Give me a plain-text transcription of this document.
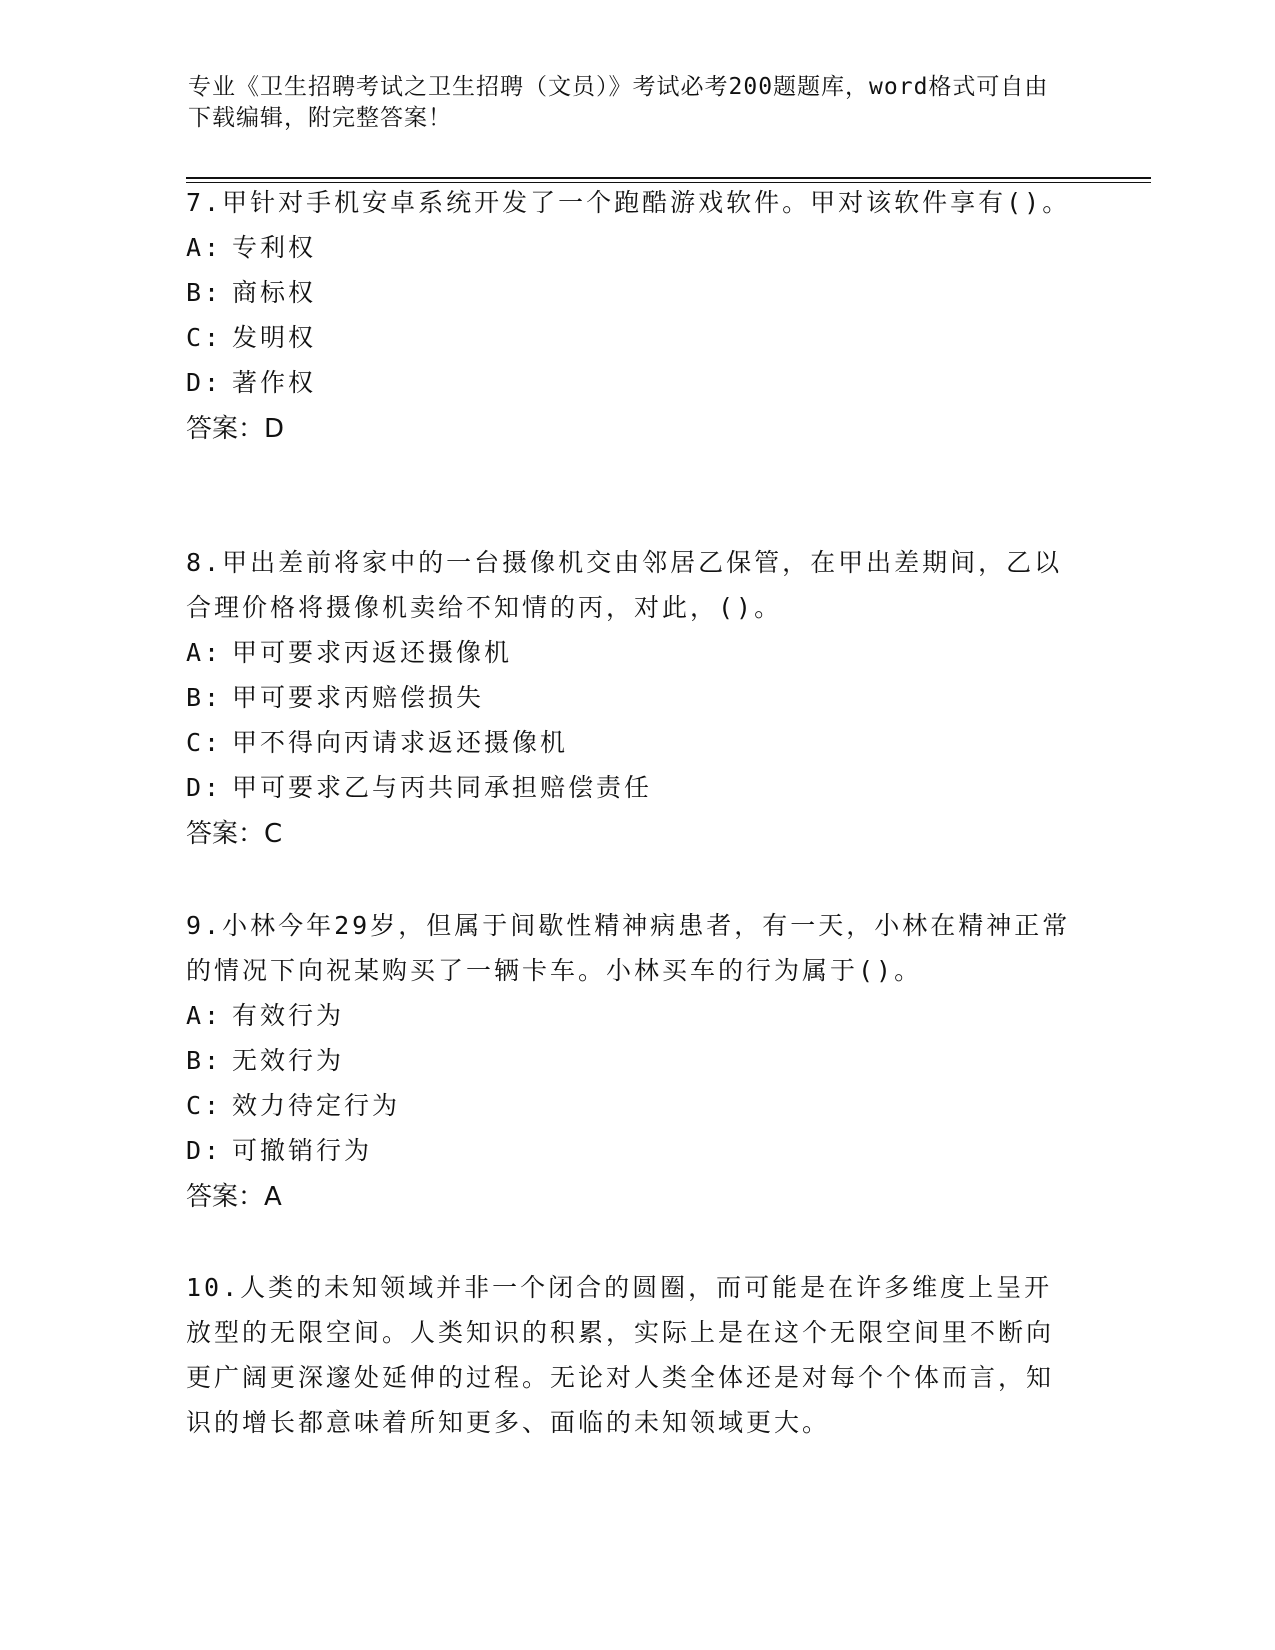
专业《卫生招聘考试之卫生招聘（文员）》考试必考200题题库，word格式可自由下载编辑，附完整答案！
7.甲针对手机安卓系统开发了一个跑酷游戏软件。甲对该软件享有()。
A: 专利权
B: 商标权
C: 发明权
D: 著作权
答案：D
8.甲出差前将家中的一台摄像机交由邻居乙保管，在甲出差期间，乙以合理价格将摄像机卖给不知情的丙，对此，()。
A: 甲可要求丙返还摄像机
B: 甲可要求丙赔偿损失
C: 甲不得向丙请求返还摄像机
D: 甲可要求乙与丙共同承担赔偿责任
答案：C
9.小林今年29岁，但属于间歇性精神病患者，有一天，小林在精神正常的情况下向祝某购买了一辆卡车。小林买车的行为属于()。
A: 有效行为
B: 无效行为
C: 效力待定行为
D: 可撤销行为
答案：A
10.人类的未知领域并非一个闭合的圆圈，而可能是在许多维度上呈开放型的无限空间。人类知识的积累，实际上是在这个无限空间里不断向更广阔更深邃处延伸的过程。无论对人类全体还是对每个个体而言，知识的增长都意味着所知更多、面临的未知领域更大。
